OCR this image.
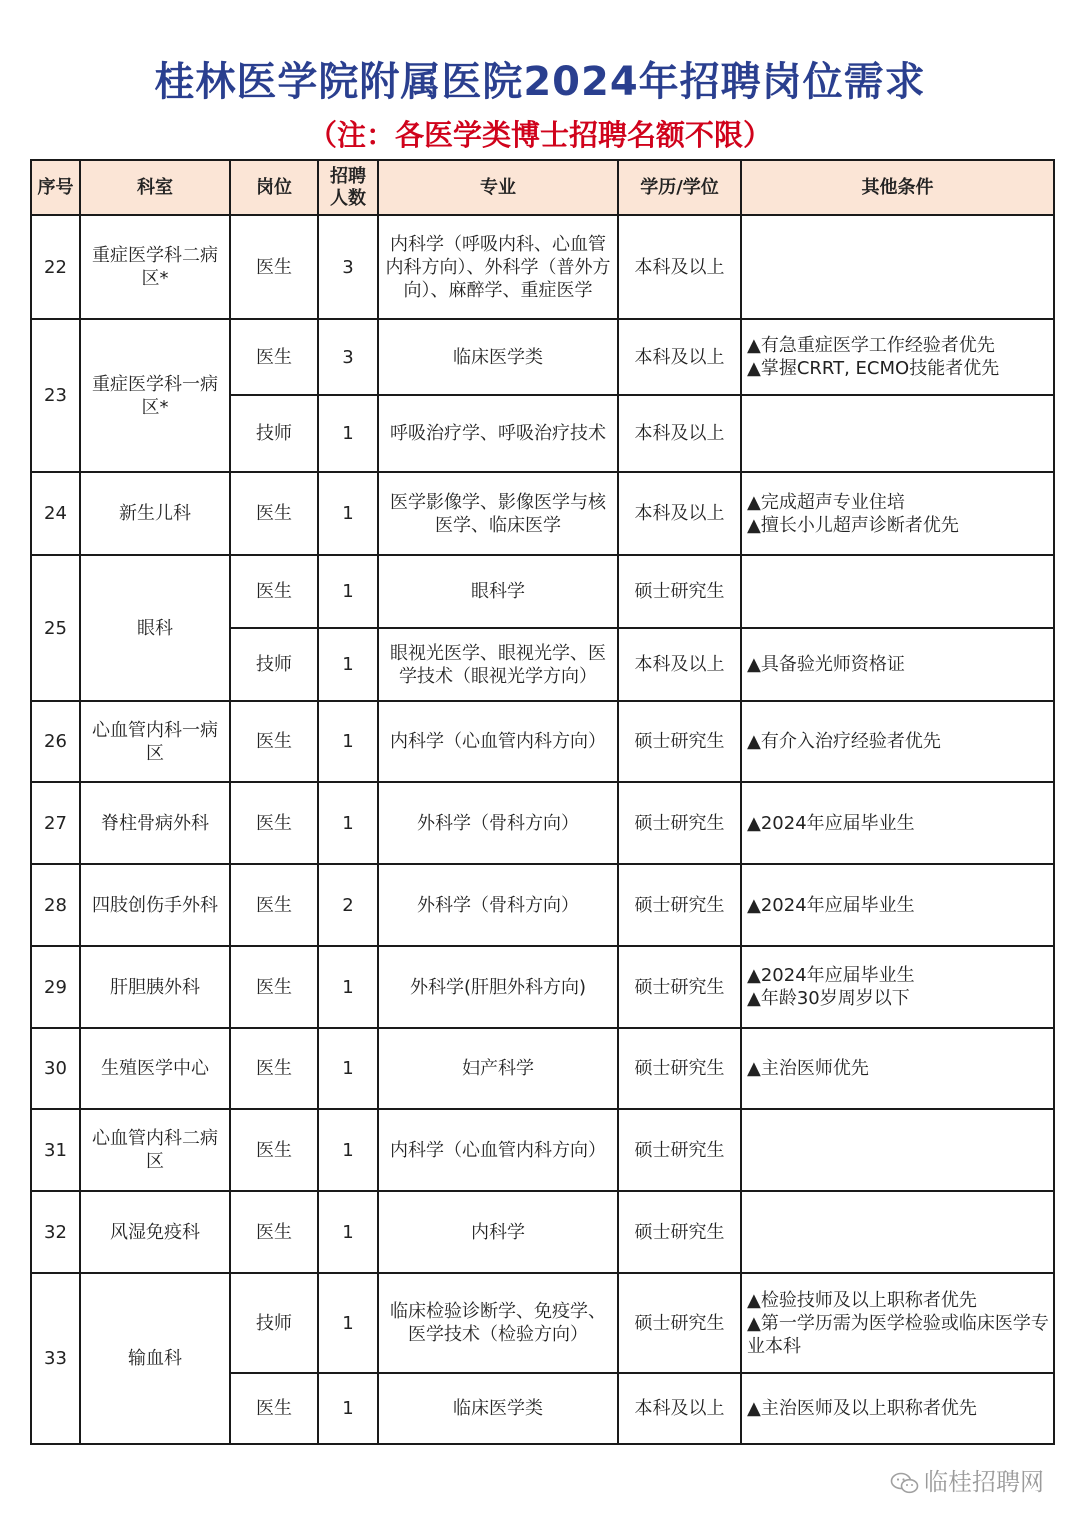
桂林医学院附属医院2024年招聘岗位需求
（注：各医学类博士招聘名额不限）
序号	科室	岗位	招聘人数	专业	学历/学位	其他条件
22	重症医学科二病区*	医生	3	内科学（呼吸内科、心血管内科方向）、外科学（普外方向）、麻醉学、重症医学	本科及以上	
23	重症医学科一病区*	医生	3	临床医学类	本科及以上	▲有急重症医学工作经验者优先
▲掌握CRRT, ECMO技能者优先
		技师	1	呼吸治疗学、呼吸治疗技术	本科及以上	
24	新生儿科	医生	1	医学影像学、影像医学与核医学、临床医学	本科及以上	▲完成超声专业住培
▲擅长小儿超声诊断者优先
25	眼科	医生	1	眼科学	硕士研究生	
		技师	1	眼视光医学、眼视光学、医学技术（眼视光学方向）	本科及以上	▲具备验光师资格证
26	心血管内科一病区	医生	1	内科学（心血管内科方向）	硕士研究生	▲有介入治疗经验者优先
27	脊柱骨病外科	医生	1	外科学（骨科方向）	硕士研究生	▲2024年应届毕业生
28	四肢创伤手外科	医生	2	外科学（骨科方向）	硕士研究生	▲2024年应届毕业生
29	肝胆胰外科	医生	1	外科学(肝胆外科方向)	硕士研究生	▲2024年应届毕业生
▲年龄30岁周岁以下
30	生殖医学中心	医生	1	妇产科学	硕士研究生	▲主治医师优先
31	心血管内科二病区	医生	1	内科学（心血管内科方向）	硕士研究生	
32	风湿免疫科	医生	1	内科学	硕士研究生	
33	输血科	技师	1	临床检验诊断学、免疫学、医学技术（检验方向）	硕士研究生	▲检验技师及以上职称者优先
▲第一学历需为医学检验或临床医学专业本科
		医生	1	临床医学类	本科及以上	▲主治医师及以上职称者优先
临桂招聘网
